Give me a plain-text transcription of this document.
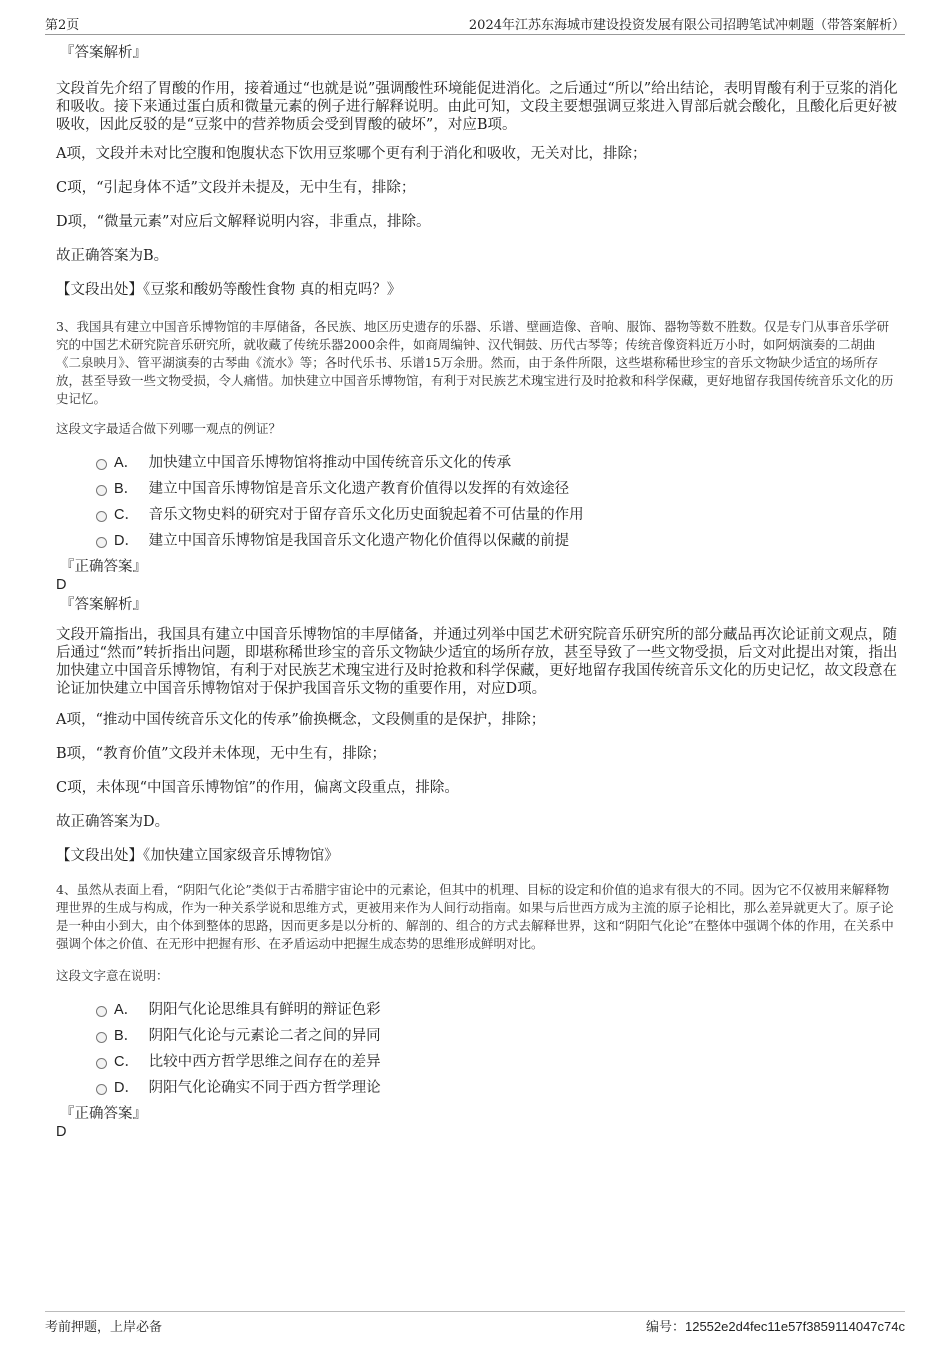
第2页	2024年江苏东海城市建设投资发展有限公司招聘笔试冲刺题（带答案解析）

『答案解析』

文段首先介绍了胃酸的作用，接着通过“也就是说”强调酸性环境能促进消化。之后通过“所以”给出结论，表明胃酸有利于豆浆的消化和吸收。接下来通过蛋白质和微量元素的例子进行解释说明。由此可知，文段主要想强调豆浆进入胃部后就会酸化，且酸化后更好被吸收，因此反驳的是“豆浆中的营养物质会受到胃酸的破坏”，对应B项。

A项，文段并未对比空腹和饱腹状态下饮用豆浆哪个更有利于消化和吸收，无关对比，排除；

C项，“引起身体不适”文段并未提及，无中生有，排除；

D项，“微量元素”对应后文解释说明内容，非重点，排除。

故正确答案为B。

【文段出处】《豆浆和酸奶等酸性食物 真的相克吗？》

3、我国具有建立中国音乐博物馆的丰厚储备，各民族、地区历史遗存的乐器、乐谱、壁画造像、音响、服饰、器物等数不胜数。仅是专门从事音乐学研究的中国艺术研究院音乐研究所，就收藏了传统乐器2000余件，如商周编钟、汉代铜鼓、历代古琴等；传统音像资料近万小时，如阿炳演奏的二胡曲《二泉映月》、管平湖演奏的古琴曲《流水》等；各时代乐书、乐谱15万余册。然而，由于条件所限，这些堪称稀世珍宝的音乐文物缺少适宜的场所存放，甚至导致一些文物受损，令人痛惜。加快建立中国音乐博物馆，有利于对民族艺术瑰宝进行及时抢救和科学保藏，更好地留存我国传统音乐文化的历史记忆。

这段文字最适合做下列哪一观点的例证？

A． 加快建立中国音乐博物馆将推动中国传统音乐文化的传承
B． 建立中国音乐博物馆是音乐文化遗产教育价值得以发挥的有效途径
C． 音乐文物史料的研究对于留存音乐文化历史面貌起着不可估量的作用
D． 建立中国音乐博物馆是我国音乐文化遗产物化价值得以保藏的前提

『正确答案』

D

『答案解析』

文段开篇指出，我国具有建立中国音乐博物馆的丰厚储备，并通过列举中国艺术研究院音乐研究所的部分藏品再次论证前文观点，随后通过“然而”转折指出问题，即堪称稀世珍宝的音乐文物缺少适宜的场所存放，甚至导致了一些文物受损，后文对此提出对策，指出加快建立中国音乐博物馆，有利于对民族艺术瑰宝进行及时抢救和科学保藏，更好地留存我国传统音乐文化的历史记忆，故文段意在论证加快建立中国音乐博物馆对于保护我国音乐文物的重要作用，对应D项。

A项，“推动中国传统音乐文化的传承”偷换概念，文段侧重的是保护，排除；

B项，“教育价值”文段并未体现，无中生有，排除；

C项，未体现“中国音乐博物馆”的作用，偏离文段重点，排除。

故正确答案为D。

【文段出处】《加快建立国家级音乐博物馆》

4、虽然从表面上看，“阴阳气化论”类似于古希腊宇宙论中的元素论，但其中的机理、目标的设定和价值的追求有很大的不同。因为它不仅被用来解释物理世界的生成与构成，作为一种关系学说和思维方式，更被用来作为人间行动指南。如果与后世西方成为主流的原子论相比，那么差异就更大了。原子论是一种由小到大，由个体到整体的思路，因而更多是以分析的、解剖的、组合的方式去解释世界，这和“阴阳气化论”在整体中强调个体的作用，在关系中强调个体之价值、在无形中把握有形、在矛盾运动中把握生成态势的思维形成鲜明对比。

这段文字意在说明：

A． 阴阳气化论思维具有鲜明的辩证色彩
B． 阴阳气化论与元素论二者之间的异同
C． 比较中西方哲学思维之间存在的差异
D． 阴阳气化论确实不同于西方哲学理论

『正确答案』

D

考前押题，上岸必备	编号：12552e2d4fec11e57f3859114047c74c
